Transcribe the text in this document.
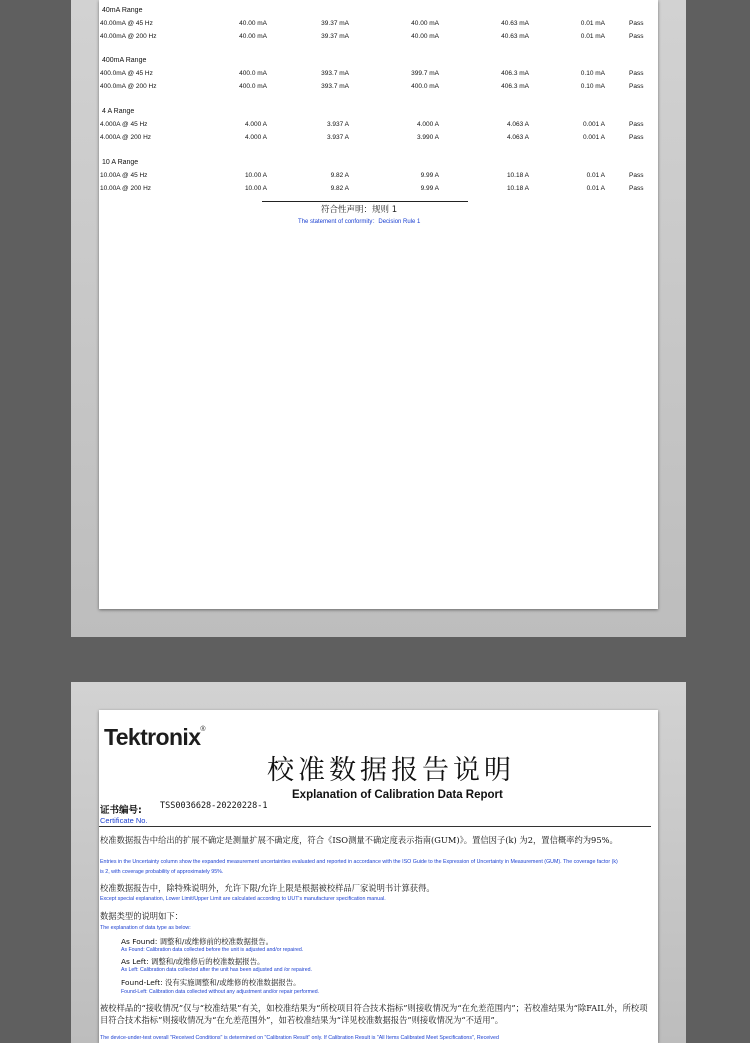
40mA Range
40.00mA @ 45 Hz	40.00 mA	39.37 mA	40.00 mA	40.63 mA	0.01 mA	Pass
40.00mA @ 200 Hz	40.00 mA	39.37 mA	40.00 mA	40.63 mA	0.01 mA	Pass
400mA Range
400.0mA @ 45 Hz	400.0 mA	393.7 mA	399.7 mA	406.3 mA	0.10 mA	Pass
400.0mA @ 200 Hz	400.0 mA	393.7 mA	400.0 mA	406.3 mA	0.10 mA	Pass
4 A Range
4.000A @ 45 Hz	4.000 A	3.937 A	4.000 A	4.063 A	0.001 A	Pass
4.000A @ 200 Hz	4.000 A	3.937 A	3.990 A	4.063 A	0.001 A	Pass
10 A Range
10.00A @ 45 Hz	10.00 A	9.82 A	9.99 A	10.18 A	0.01 A	Pass
10.00A @ 200 Hz	10.00 A	9.82 A	9.99 A	10.18 A	0.01 A	Pass
符合性声明：规则 1
The statement of conformity：Decision Rule 1
Tektronix®
校准数据报告说明
Explanation of Calibration Data Report
证书编号: TSS0036628-20220228-1
Certificate No.
校准数据报告中给出的扩展不确定是测量扩展不确定度，符合《ISO测量不确定度表示指南(GUM)》。置信因子(k) 为2，置信概率约为95%。
Entries in the Uncertainty column show the expanded measurement uncertainties evaluated and reported in accordance with the ISO Guide to the Expression of Uncertainty in Measurement (GUM). The coverage factor (k) is 2, with coverage probability of approximately 95%.
校准数据报告中，除特殊说明外，允许下限/允许上限是根据被校样品厂家说明书计算获得。
Except special explanation, Lower Limit/Upper Limit are calculated according to UUT's manufacturer specification manual.
数据类型的说明如下：
The explanation of data type as below:
As Found: 调整和/或维修前的校准数据报告。
As Found: Calibration data collected before the unit is adjusted and/or repaired.
As Left: 调整和/或维修后的校准数据报告。
As Left: Calibration data collected after the unit has been adjusted and /or repaired.
Found-Left: 没有实施调整和/或维修的校准数据报告。
Found-Left: Calibration data collected without any adjustment and/or repair performed.
被校样品的“接收情况”仅与“校准结果”有关，如校准结果为“所校项目符合技术指标”则接收情况为“在允差范围内”；若校准结果为“除FAIL外，所校项目符合技术指标”则接收情况为“在允差范围外”，如若校准结果为“详见校准数据报告”则接收情况为“不适用”。
The device-under-test overall "Received Conditions" is determined on "Calibration Result" only. If Calibration Result is "All Items Calibrated Meet Specifications", Received
